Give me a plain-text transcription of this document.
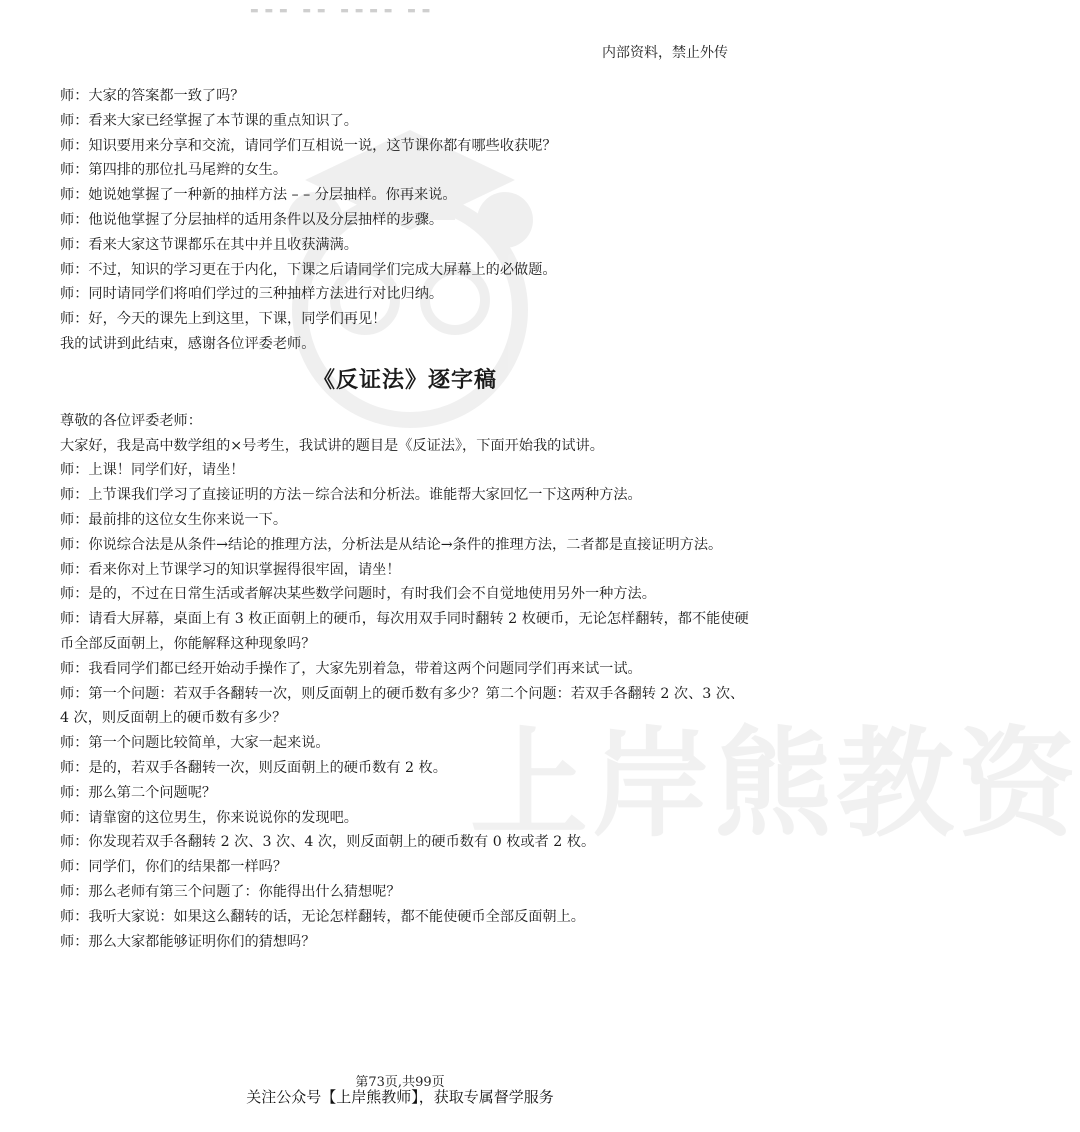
▬▬▬ ▬▬ ▬▬▬▬ ▬▬
内部资料，禁止外传
上岸熊教资
师：大家的答案都一致了吗？
师：看来大家已经掌握了本节课的重点知识了。
师：知识要用来分享和交流，请同学们互相说一说，这节课你都有哪些收获呢？
师：第四排的那位扎马尾辫的女生。
师：她说她掌握了一种新的抽样方法 – – 分层抽样。你再来说。
师：他说他掌握了分层抽样的适用条件以及分层抽样的步骤。
师：看来大家这节课都乐在其中并且收获满满。
师：不过，知识的学习更在于内化，下课之后请同学们完成大屏幕上的必做题。
师：同时请同学们将咱们学过的三种抽样方法进行对比归纳。
师：好，今天的课先上到这里，下课，同学们再见！
我的试讲到此结束，感谢各位评委老师。
《反证法》逐字稿
尊敬的各位评委老师：
大家好，我是高中数学组的×号考生，我试讲的题目是《反证法》，下面开始我的试讲。
师：上课！同学们好，请坐！
师：上节课我们学习了直接证明的方法－综合法和分析法。谁能帮大家回忆一下这两种方法。
师：最前排的这位女生你来说一下。
师：你说综合法是从条件→结论的推理方法，分析法是从结论→条件的推理方法，二者都是直接证明方法。
师：看来你对上节课学习的知识掌握得很牢固，请坐！
师：是的，不过在日常生活或者解决某些数学问题时，有时我们会不自觉地使用另外一种方法。
师：请看大屏幕，桌面上有 3 枚正面朝上的硬币，每次用双手同时翻转 2 枚硬币，无论怎样翻转，都不能使硬币全部反面朝上，你能解释这种现象吗？
师：我看同学们都已经开始动手操作了，大家先别着急，带着这两个问题同学们再来试一试。
师：第一个问题：若双手各翻转一次，则反面朝上的硬币数有多少？第二个问题：若双手各翻转 2 次、3 次、4 次，则反面朝上的硬币数有多少？
师：第一个问题比较简单，大家一起来说。
师：是的，若双手各翻转一次，则反面朝上的硬币数有 2 枚。
师：那么第二个问题呢？
师：请靠窗的这位男生，你来说说你的发现吧。
师：你发现若双手各翻转 2 次、3 次、4 次，则反面朝上的硬币数有 0 枚或者 2 枚。
师：同学们，你们的结果都一样吗？
师：那么老师有第三个问题了：你能得出什么猜想呢？
师：我听大家说：如果这么翻转的话，无论怎样翻转，都不能使硬币全部反面朝上。
师：那么大家都能够证明你们的猜想吗？
第73页,共99页
关注公众号【上岸熊教师】，获取专属督学服务
